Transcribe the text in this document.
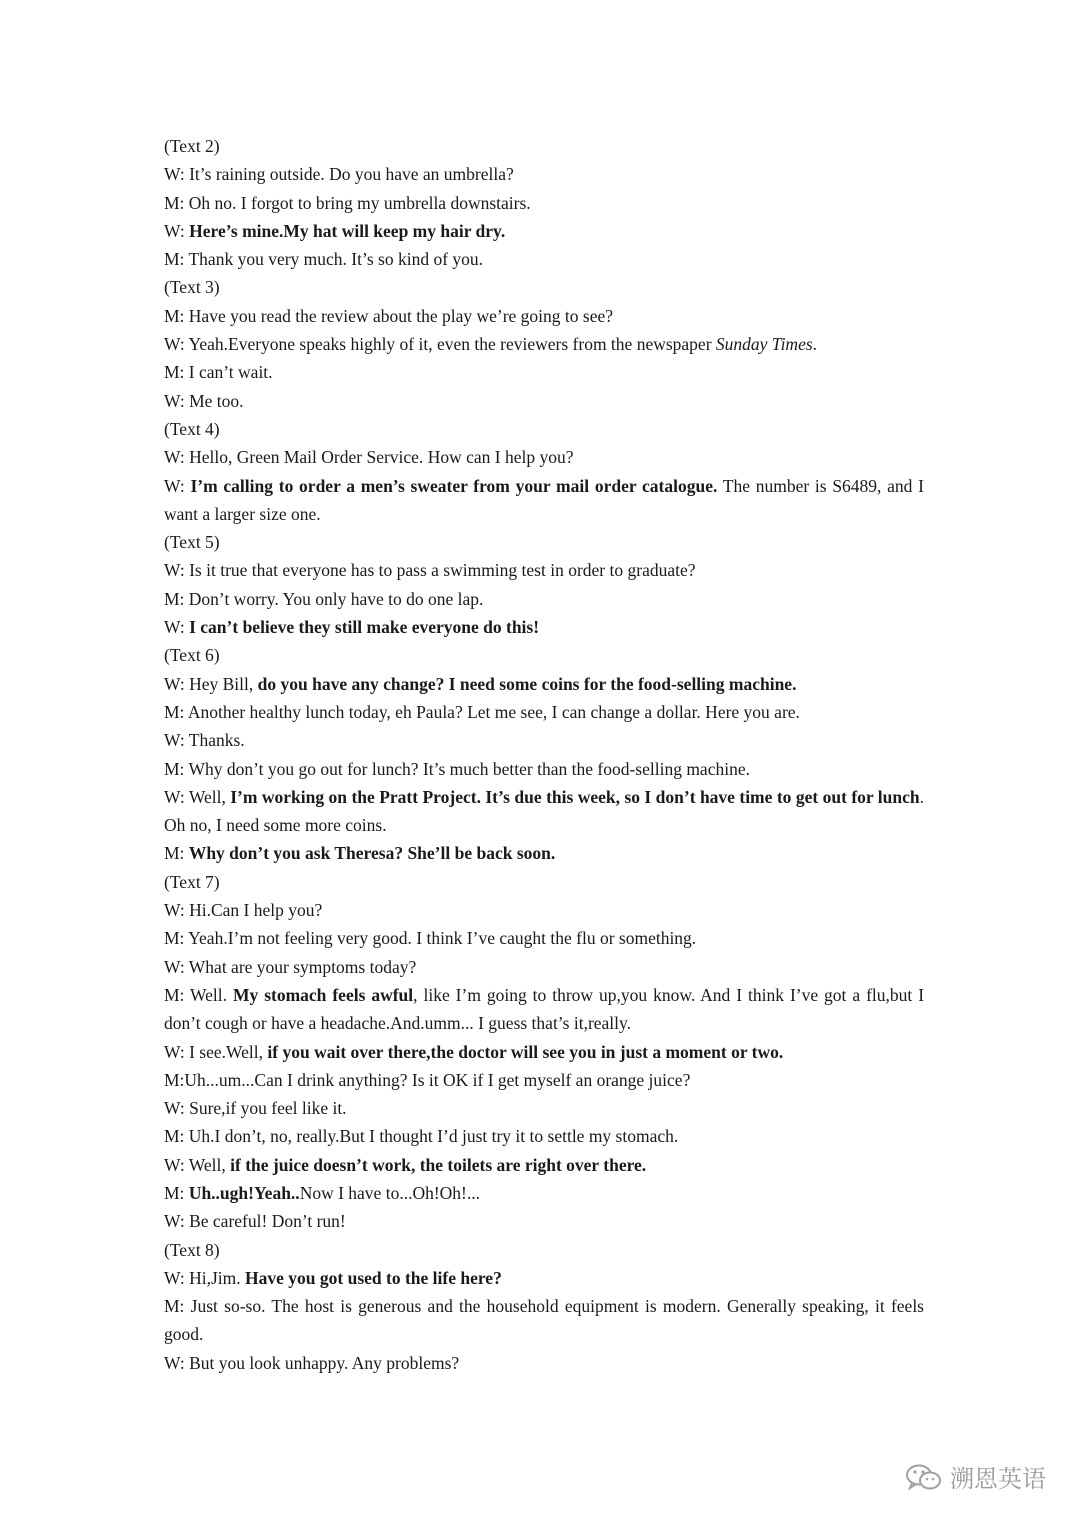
(Text 2)
W: It’s raining outside. Do you have an umbrella?
M: Oh no. I forgot to bring my umbrella downstairs.
W: Here’s mine.My hat will keep my hair dry.
M: Thank you very much. It’s so kind of you.
(Text 3)
M: Have you read the review about the play we’re going to see?
W: Yeah.Everyone speaks highly of it, even the reviewers from the newspaper Sunday Times.
M: I can’t wait.
W: Me too.
(Text 4)
W: Hello, Green Mail Order Service. How can I help you?
W: I’m calling to order a men’s sweater from your mail order catalogue. The number is S6489, and I want a larger size one.
(Text 5)
W: Is it true that everyone has to pass a swimming test in order to graduate?
M: Don’t worry. You only have to do one lap.
W: I can’t believe they still make everyone do this!
(Text 6)
W: Hey Bill, do you have any change? I need some coins for the food-selling machine.
M: Another healthy lunch today, eh Paula? Let me see, I can change a dollar. Here you are.
W: Thanks.
M: Why don’t you go out for lunch? It’s much better than the food-selling machine.
W: Well, I’m working on the Pratt Project. It’s due this week, so I don’t have time to get out for lunch. Oh no, I need some more coins.
M: Why don’t you ask Theresa? She’ll be back soon.
(Text 7)
W: Hi.Can I help you?
M: Yeah.I’m not feeling very good. I think I’ve caught the flu or something.
W: What are your symptoms today?
M: Well. My stomach feels awful, like I’m going to throw up,you know. And I think I’ve got a flu,but I don’t cough or have a headache.And.umm... I guess that’s it,really.
W: I see.Well, if you wait over there,the doctor will see you in just a moment or two.
M:Uh...um...Can I drink anything? Is it OK if I get myself an orange juice?
W: Sure,if you feel like it.
M: Uh.I don’t, no, really.But I thought I’d just try it to settle my stomach.
W: Well, if the juice doesn’t work, the toilets are right over there.
M: Uh..ugh!Yeah..Now I have to...Oh!Oh!...
W: Be careful! Don’t run!
(Text 8)
W: Hi,Jim. Have you got used to the life here?
M: Just so-so. The host is generous and the household equipment is modern. Generally speaking, it feels good.
W: But you look unhappy. Any problems?
溯恩英语
